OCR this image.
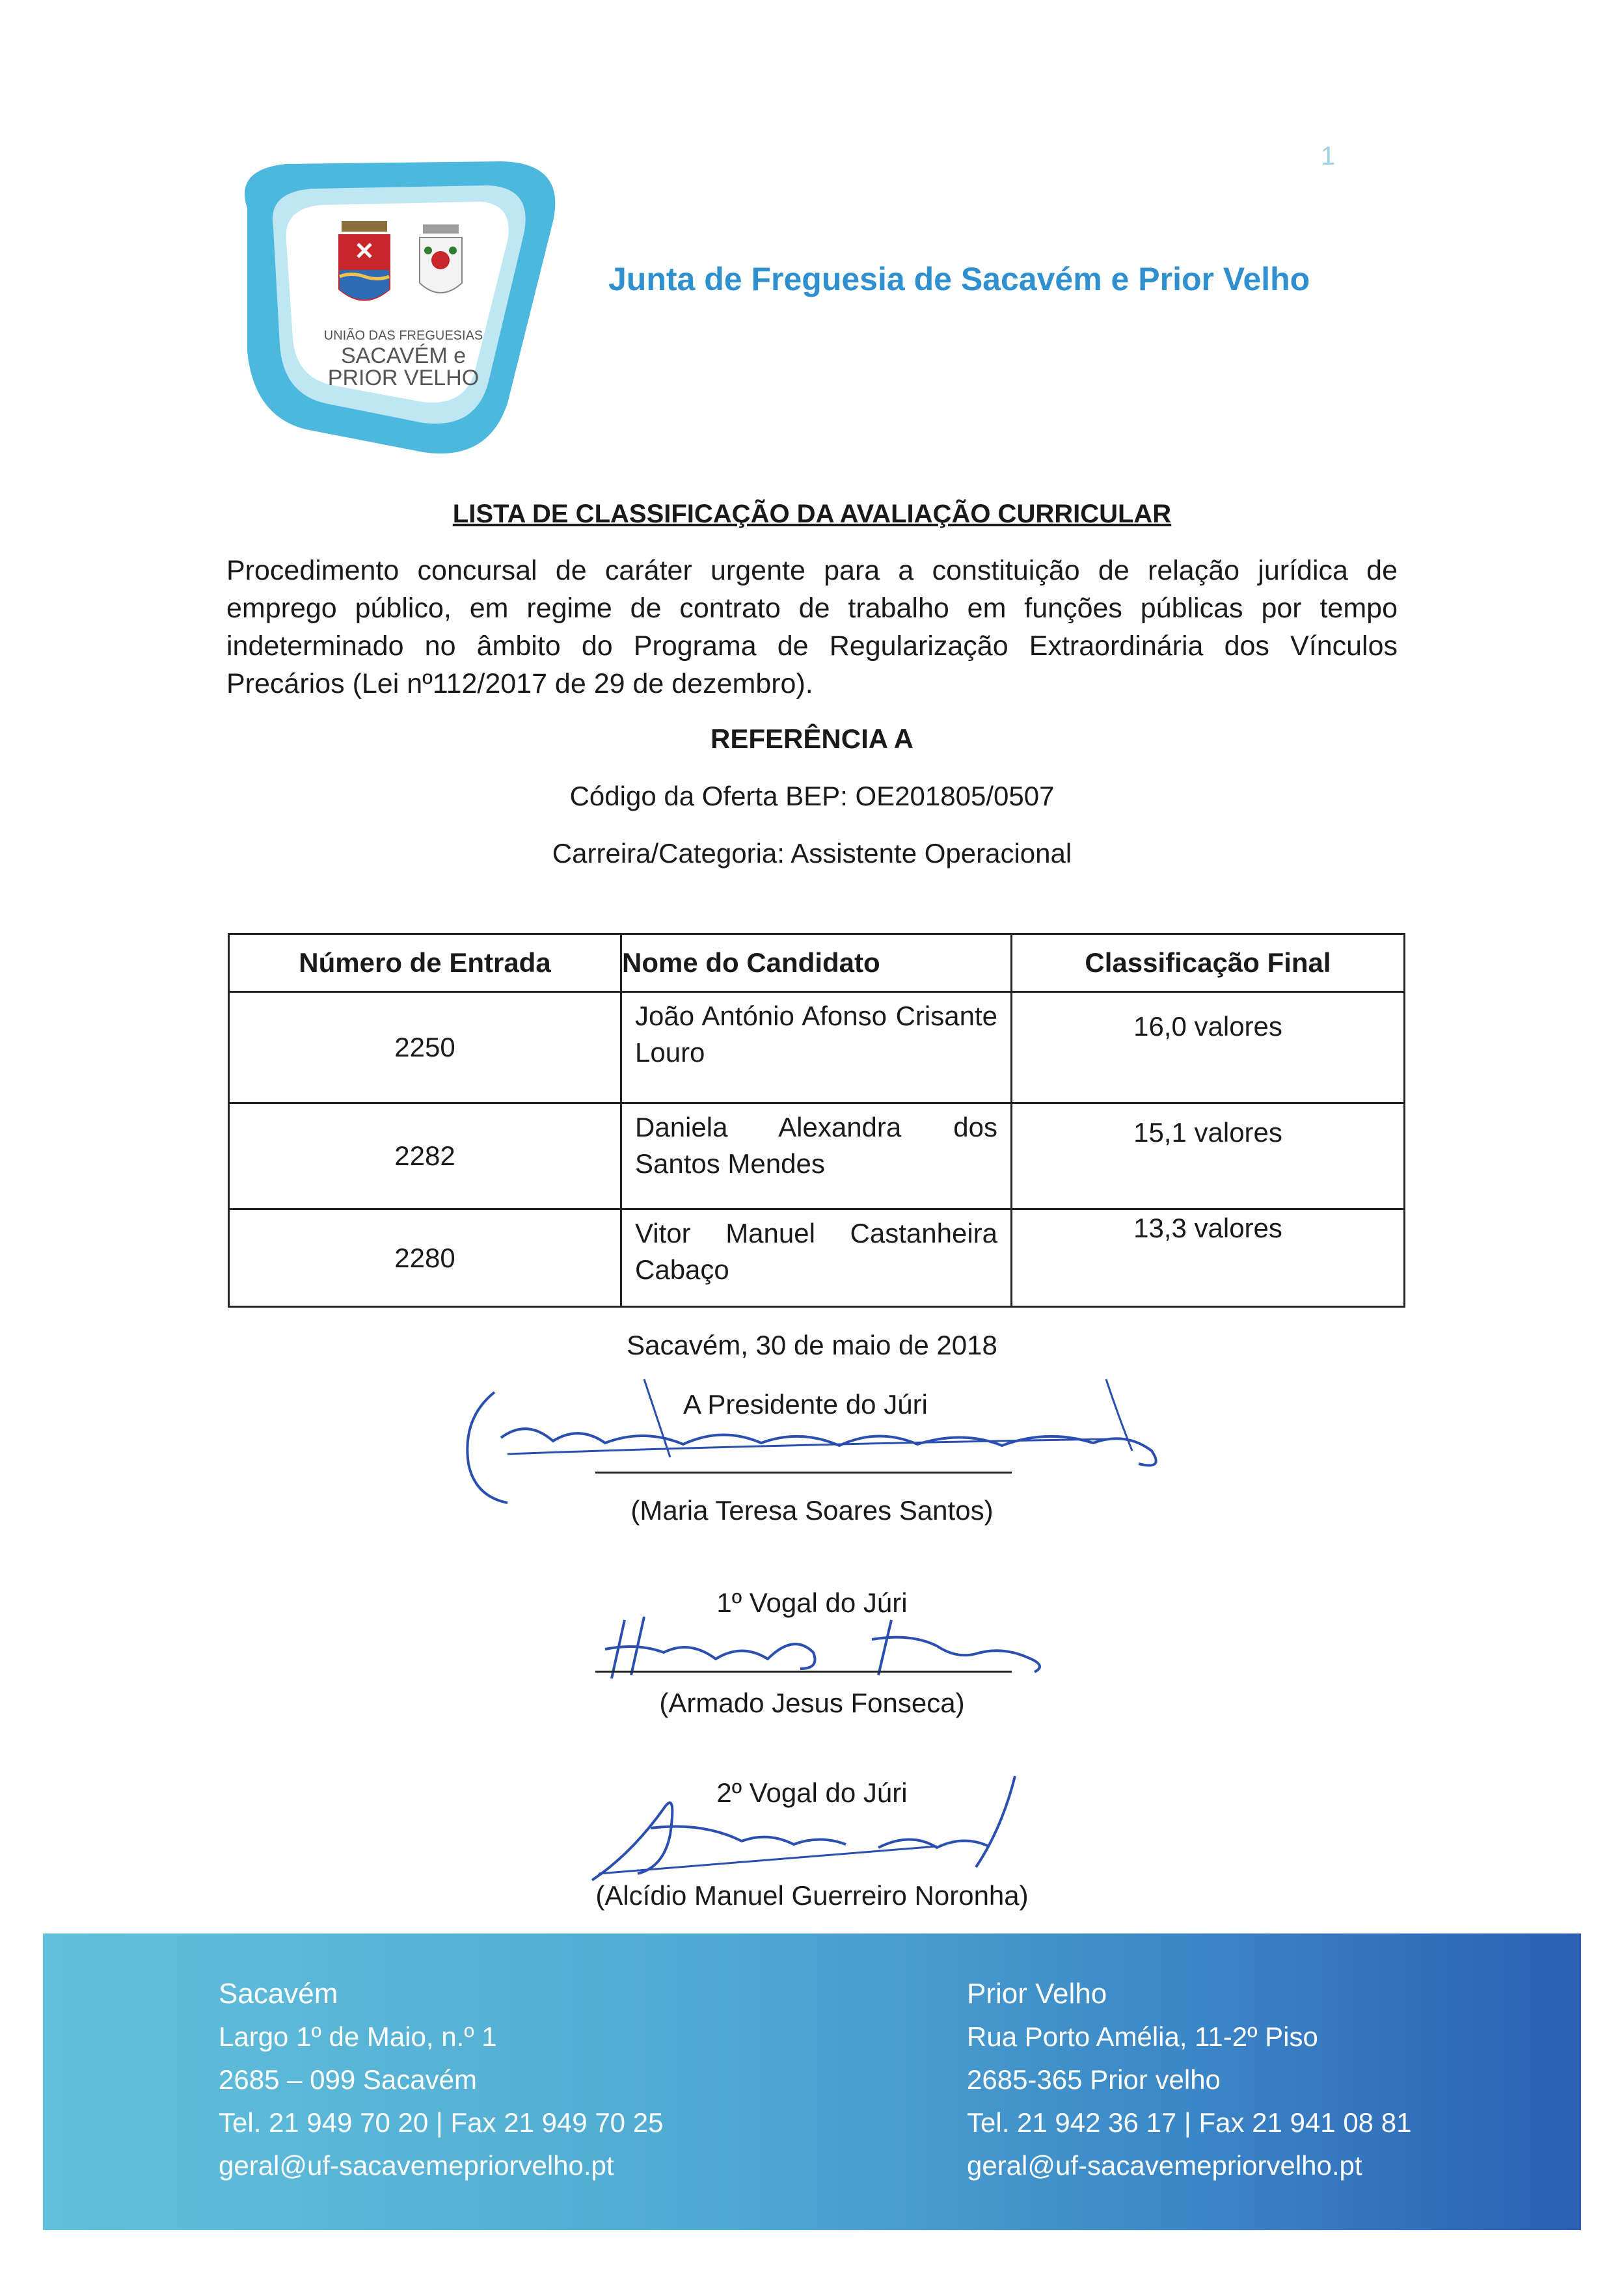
1
UNIÃO DAS FREGUESIAS
SACAVÉM e
PRIOR VELHO
Junta de Freguesia de Sacavém e Prior Velho
LISTA DE CLASSIFICAÇÃO DA AVALIAÇÃO CURRICULAR
Procedimento concursal de caráter urgente para a constituição de relação jurídica de emprego público, em regime de contrato de trabalho em funções públicas por tempo indeterminado no âmbito do Programa de Regularização Extraordinária dos Vínculos Precários (Lei nº112/2017 de 29 de dezembro).
REFERÊNCIA A
Código da Oferta BEP: OE201805/0507
Carreira/Categoria: Assistente Operacional
Número de Entrada	Nome do Candidato	Classificação Final
2250	João António Afonso Crisante Louro	16,0 valores
2282	Daniela Alexandra dos Santos Mendes	15,1 valores
2280	Vitor Manuel Castanheira Cabaço	13,3 valores
Sacavém, 30 de maio de 2018
A Presidente do Júri
(Maria Teresa Soares Santos)
1º Vogal do Júri
(Armado Jesus Fonseca)
2º Vogal do Júri
(Alcídio Manuel Guerreiro Noronha)
Sacavém
Largo 1º de Maio, n.º 1
2685 – 099 Sacavém
Tel. 21 949 70 20 | Fax 21 949 70 25
geral@uf-sacavemepriorvelho.pt
Prior Velho
Rua Porto Amélia, 11-2º Piso
2685-365 Prior velho
Tel. 21 942 36 17 | Fax 21 941 08 81
geral@uf-sacavemepriorvelho.pt
